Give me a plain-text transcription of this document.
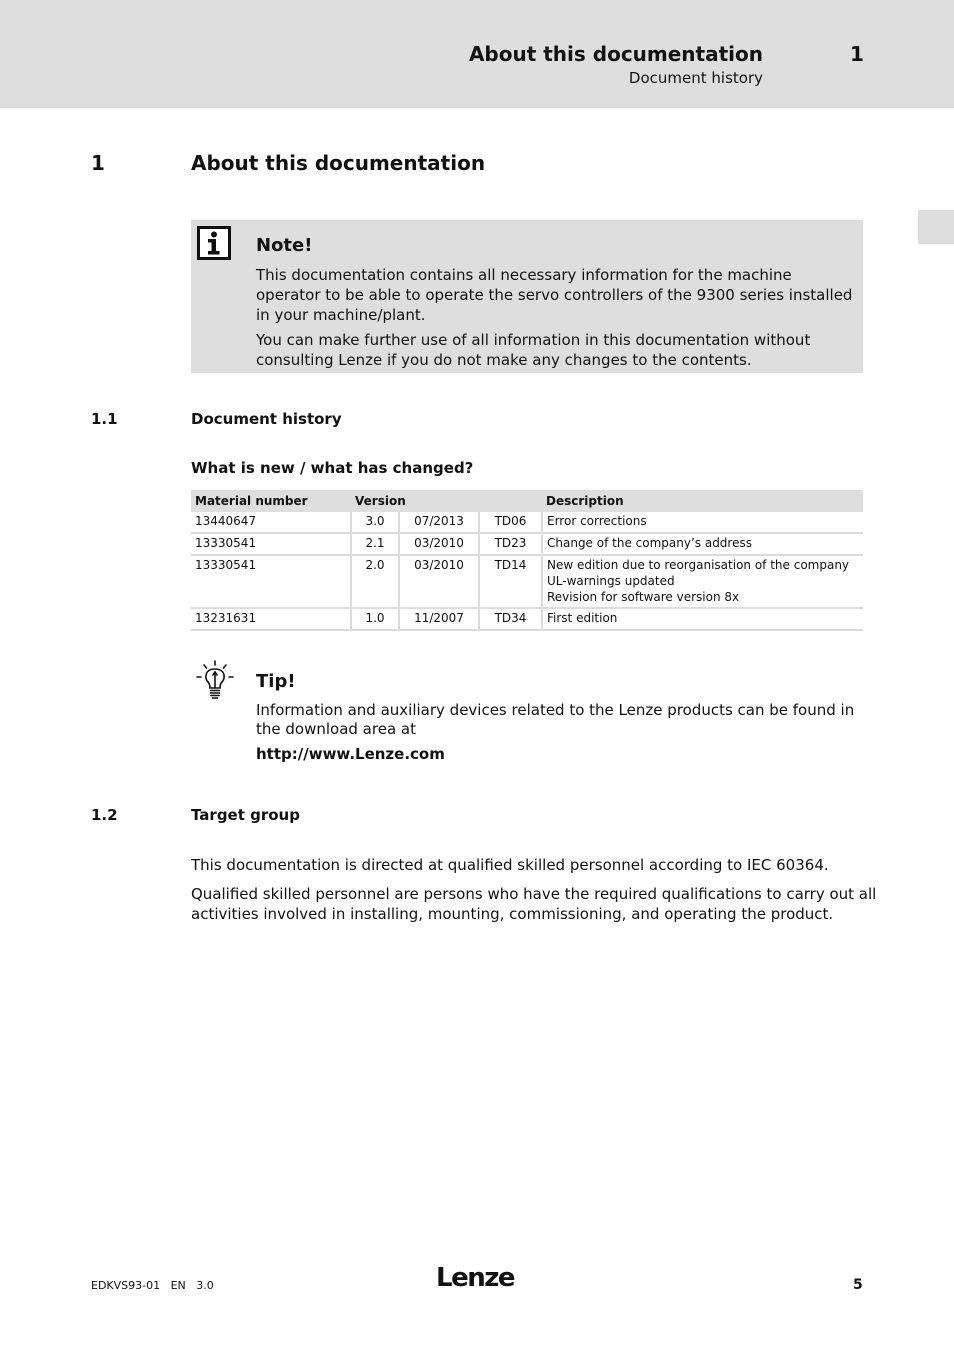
About this documentation
Document history
1
1	About this documentation
Note!

This documentation contains all necessary information for the machine operator to be able to operate the servo controllers of the 9300 series installed in your machine/plant.

You can make further use of all information in this documentation without consulting Lenze if you do not make any changes to the contents.

1.1	Document history
What is new / what has changed?
Material number	Version			Description
13440647	3.0	07/2013	TD06	Error corrections

13330541	2.1	03/2010	TD23	Change of the company’s address

13330541	2.0	03/2010	TD14	New edition due to reorganisation of the company
UL-warnings updated
Revision for software version 8x

13231631	1.0	11/2007	TD34	First edition
Tip!

Information and auxiliary devices related to the Lenze products can be found in the download area at

http://www.Lenze.com
1.2	Target group

This documentation is directed at qualified skilled personnel according to IEC 60364.

Qualified skilled personnel are persons who have the required qualifications to carry out all activities involved in installing, mounting, commissioning, and operating the product.

EDKVS93-01   EN   3.0	Lenze	5
